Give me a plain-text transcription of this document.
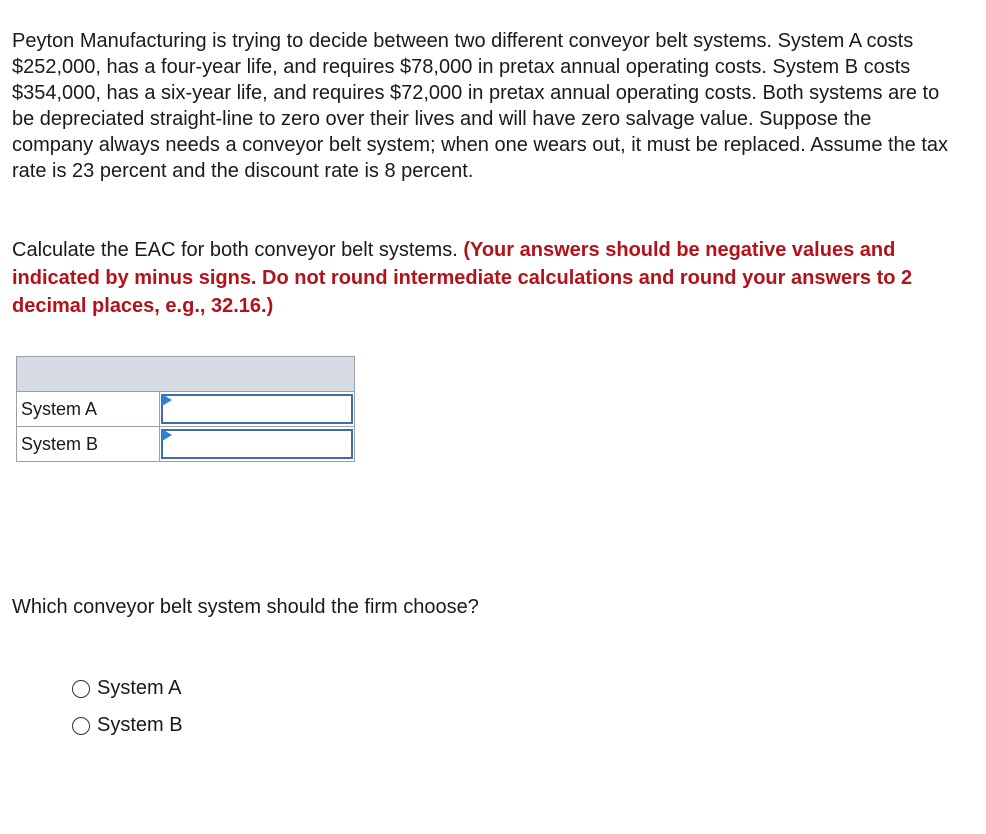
Peyton Manufacturing is trying to decide between two different conveyor belt systems. System A costs $252,000, has a four-year life, and requires $78,000 in pretax annual operating costs. System B costs $354,000, has a six-year life, and requires $72,000 in pretax annual operating costs. Both systems are to be depreciated straight-line to zero over their lives and will have zero salvage value. Suppose the company always needs a conveyor belt system; when one wears out, it must be replaced. Assume the tax rate is 23 percent and the discount rate is 8 percent.

Calculate the EAC for both conveyor belt systems. (Your answers should be negative values and indicated by minus signs. Do not round intermediate calculations and round your answers to 2 decimal places, e.g., 32.16.)

System A	

System B	

Which conveyor belt system should the firm choose?

System A
System B
